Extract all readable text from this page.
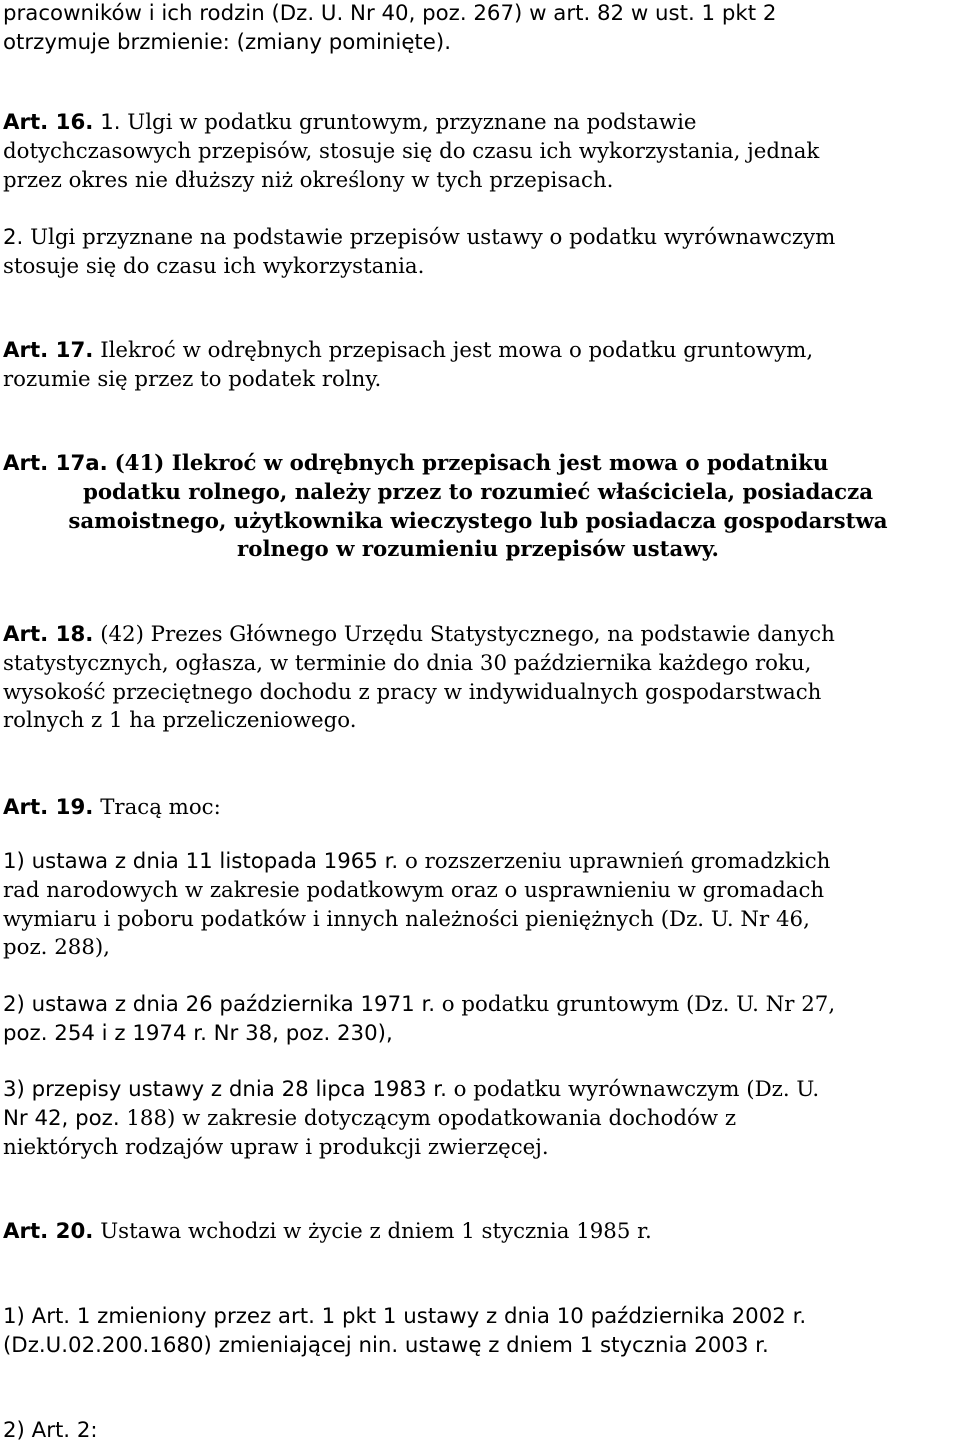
pracowników i ich rodzin (Dz. U. Nr 40, poz. 267) w art. 82 w ust. 1 pkt 2
otrzymuje brzmienie: (zmiany pominięte).

Art. 16. 1. Ulgi w podatku gruntowym, przyznane na podstawie
dotychczasowych przepisów, stosuje się do czasu ich wykorzystania, jednak
przez okres nie dłuższy niż określony w tych przepisach.

2. Ulgi przyznane na podstawie przepisów ustawy o podatku wyrównawczym
stosuje się do czasu ich wykorzystania.

Art. 17. Ilekroć w odrębnych przepisach jest mowa o podatku gruntowym,
rozumie się przez to podatek rolny.

Art. 17a. (41) Ilekroć w odrębnych przepisach jest mowa o podatniku
podatku rolnego, należy przez to rozumieć właściciela, posiadacza
samoistnego, użytkownika wieczystego lub posiadacza gospodarstwa
rolnego w rozumieniu przepisów ustawy.

Art. 18. (42) Prezes Głównego Urzędu Statystycznego, na podstawie danych
statystycznych, ogłasza, w terminie do dnia 30 października każdego roku,
wysokość przeciętnego dochodu z pracy w indywidualnych gospodarstwach
rolnych z 1 ha przeliczeniowego.

Art. 19. Tracą moc:

1) ustawa z dnia 11 listopada 1965 r. o rozszerzeniu uprawnień gromadzkich
rad narodowych w zakresie podatkowym oraz o usprawnieniu w gromadach
wymiaru i poboru podatków i innych należności pieniężnych (Dz. U. Nr 46,
poz. 288),

2) ustawa z dnia 26 października 1971 r. o podatku gruntowym (Dz. U. Nr 27,
poz. 254 i z 1974 r. Nr 38, poz. 230),

3) przepisy ustawy z dnia 28 lipca 1983 r. o podatku wyrównawczym (Dz. U.
Nr 42, poz. 188) w zakresie dotyczącym opodatkowania dochodów z
niektórych rodzajów upraw i produkcji zwierzęcej.

Art. 20. Ustawa wchodzi w życie z dniem 1 stycznia 1985 r.

1) Art. 1 zmieniony przez art. 1 pkt 1 ustawy z dnia 10 października 2002 r.
(Dz.U.02.200.1680) zmieniającej nin. ustawę z dniem 1 stycznia 2003 r.

2) Art. 2:
